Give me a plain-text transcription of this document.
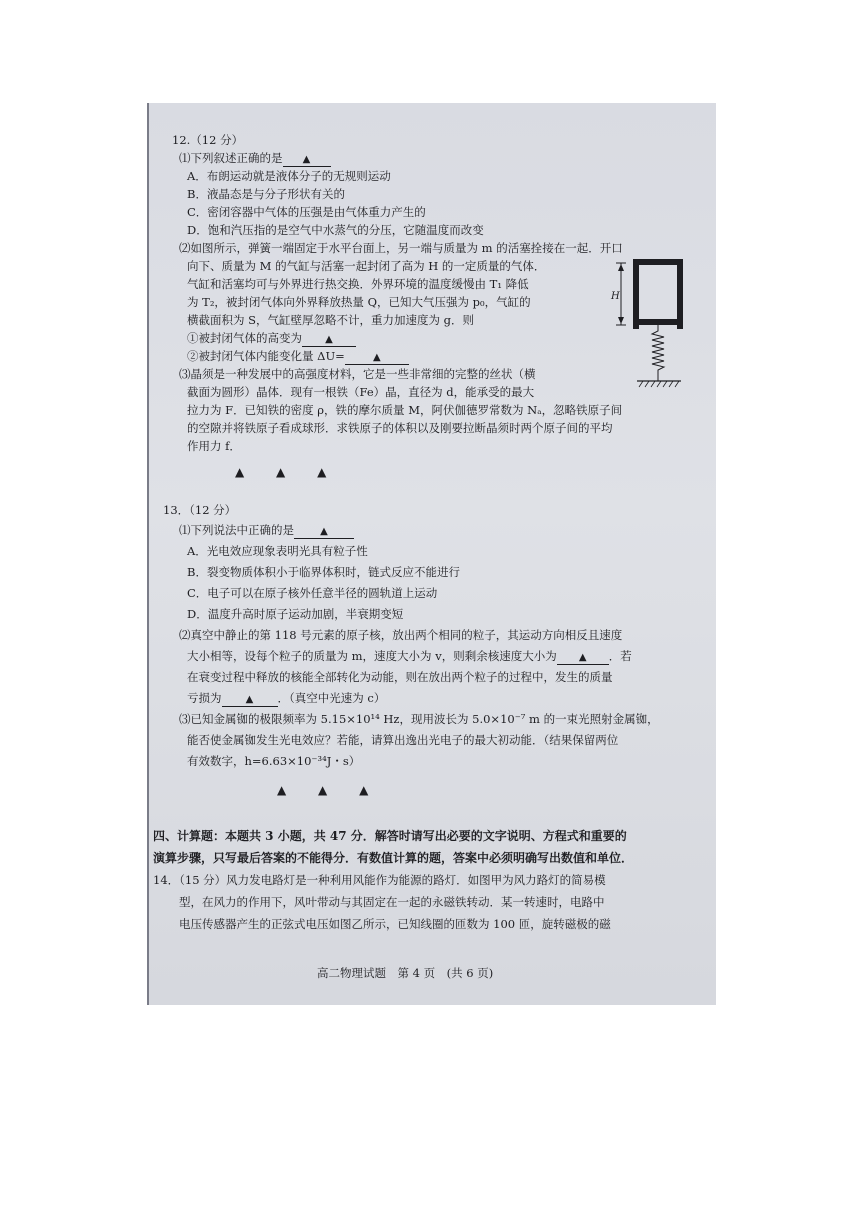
12.（12 分）
⑴下列叙述正确的是 ▲
A．布朗运动就是液体分子的无规则运动
B．液晶态是与分子形状有关的
C．密闭容器中气体的压强是由气体重力产生的
D．饱和汽压指的是空气中水蒸气的分压，它随温度而改变
⑵如图所示，弹簧一端固定于水平台面上，另一端与质量为 m 的活塞拴接在一起．开口
向下、质量为 M 的气缸与活塞一起封闭了高为 H 的一定质量的气体．
气缸和活塞均可与外界进行热交换．外界环境的温度缓慢由 T₁ 降低
为 T₂，被封闭气体向外界释放热量 Q，已知大气压强为 p₀，气缸的
横截面积为 S，气缸壁厚忽略不计，重力加速度为 g．则
①被封闭气体的高变为 ▲
②被封闭气体内能变化量 ΔU=	▲
H
⑶晶须是一种发展中的高强度材料，它是一些非常细的完整的丝状（横
截面为圆形）晶体．现有一根铁（Fe）晶，直径为 d，能承受的最大
拉力为 F．已知铁的密度 ρ，铁的摩尔质量 M，阿伏伽德罗常数为 Nₐ，忽略铁原子间
的空隙并将铁原子看成球形．求铁原子的体积以及刚要拉断晶须时两个原子间的平均
作用力 f．
▲ ▲ ▲
13．（12 分）
⑴下列说法中正确的是	▲
A．光电效应现象表明光具有粒子性
B．裂变物质体积小于临界体积时，链式反应不能进行
C．电子可以在原子核外任意半径的圆轨道上运动
D．温度升高时原子运动加剧，半衰期变短
⑵真空中静止的第 118 号元素的原子核，放出两个相同的粒子，其运动方向相反且速度
大小相等，设每个粒子的质量为 m，速度大小为 v，则剩余核速度大小为 ▲ ．若
在衰变过程中释放的核能全部转化为动能，则在放出两个粒子的过程中，发生的质量
亏损为 ▲ ．（真空中光速为 c）
⑶已知金属铷的极限频率为 5.15×10¹⁴ Hz，现用波长为 5.0×10⁻⁷ m 的一束光照射金属铷，
能否使金属铷发生光电效应？若能，请算出逸出光电子的最大初动能．（结果保留两位
有效数字，h=6.63×10⁻³⁴J・s）
▲ ▲ ▲
四、计算题：本题共 3 小题，共 47 分．解答时请写出必要的文字说明、方程式和重要的
演算步骤，只写最后答案的不能得分．有数值计算的题，答案中必须明确写出数值和单位．
14．（15 分）风力发电路灯是一种利用风能作为能源的路灯．如图甲为风力路灯的简易模
型，在风力的作用下，风叶带动与其固定在一起的永磁铁转动．某一转速时，电路中
电压传感器产生的正弦式电压如图乙所示，已知线圈的匝数为 100 匝，旋转磁极的磁
高二物理试题　第 4 页　(共 6 页)
